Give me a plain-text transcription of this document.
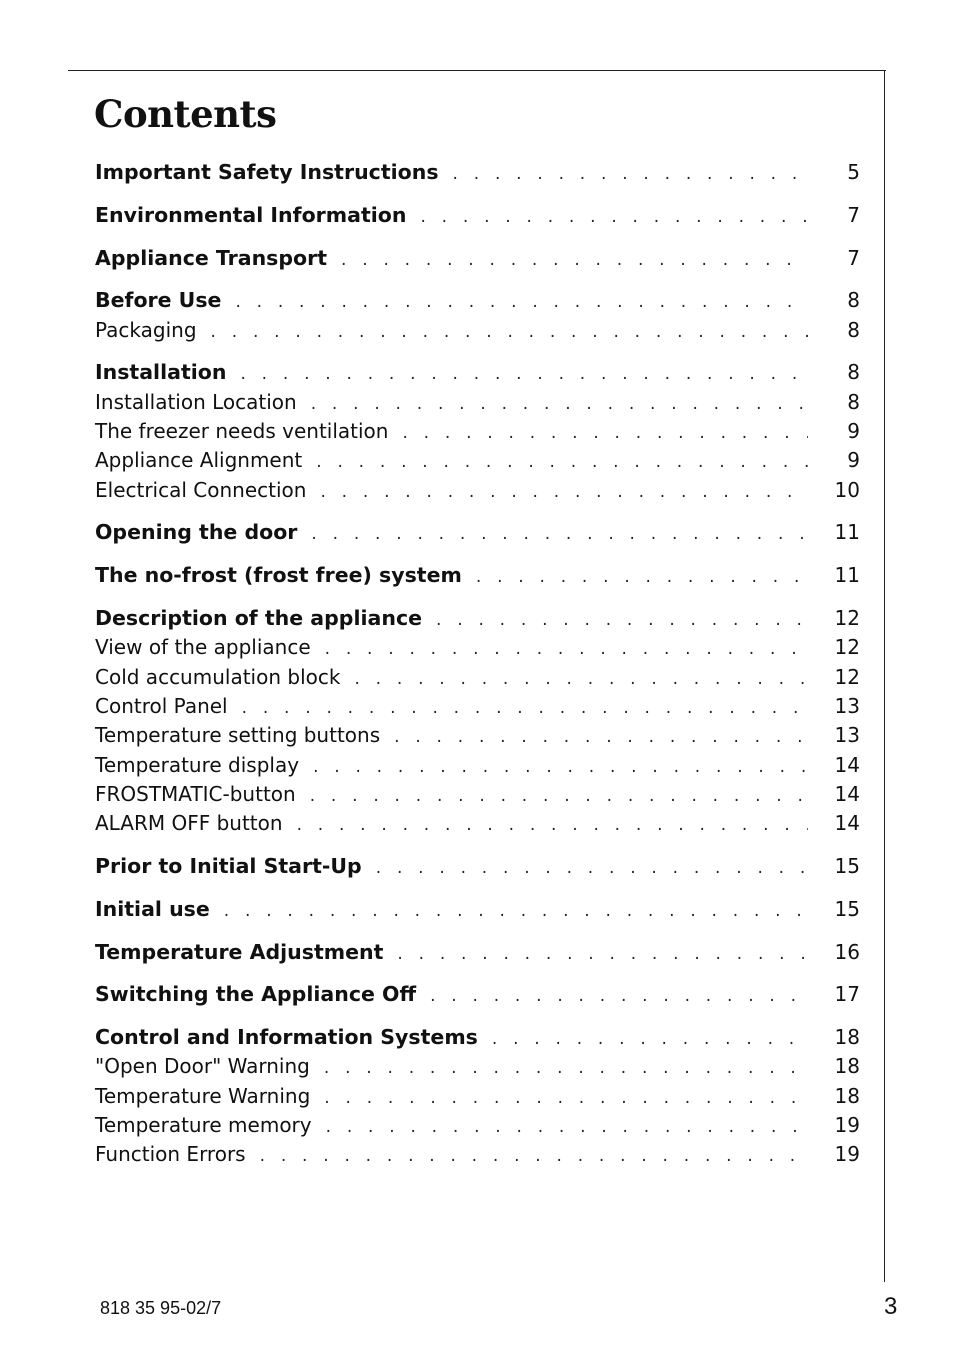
Contents
Important Safety Instructions . . .	5
Environmental Information . . .	7
Appliance Transport . . .	7
Before Use . . .	8
Packaging . . .	8
Installation . . .	8
Installation Location . . .	8
The freezer needs ventilation . . .	9
Appliance Alignment . . .	9
Electrical Connection . . .	10
Opening the door . . .	11
The no-frost (frost free) system . . .	11
Description of the appliance . . .	12
View of the appliance . . .	12
Cold accumulation block . . .	12
Control Panel . . .	13
Temperature setting buttons . . .	13
Temperature display . . .	14
FROSTMATIC-button . . .	14
ALARM OFF button . . .	14
Prior to Initial Start-Up . . .	15
Initial use . . .	15
Temperature Adjustment . . .	16
Switching the Appliance Off . . .	17
Control and Information Systems . . .	18
"Open Door" Warning . . .	18
Temperature Warning . . .	18
Temperature memory . . .	19
Function Errors . . .	19
818 35 95-02/7	3
